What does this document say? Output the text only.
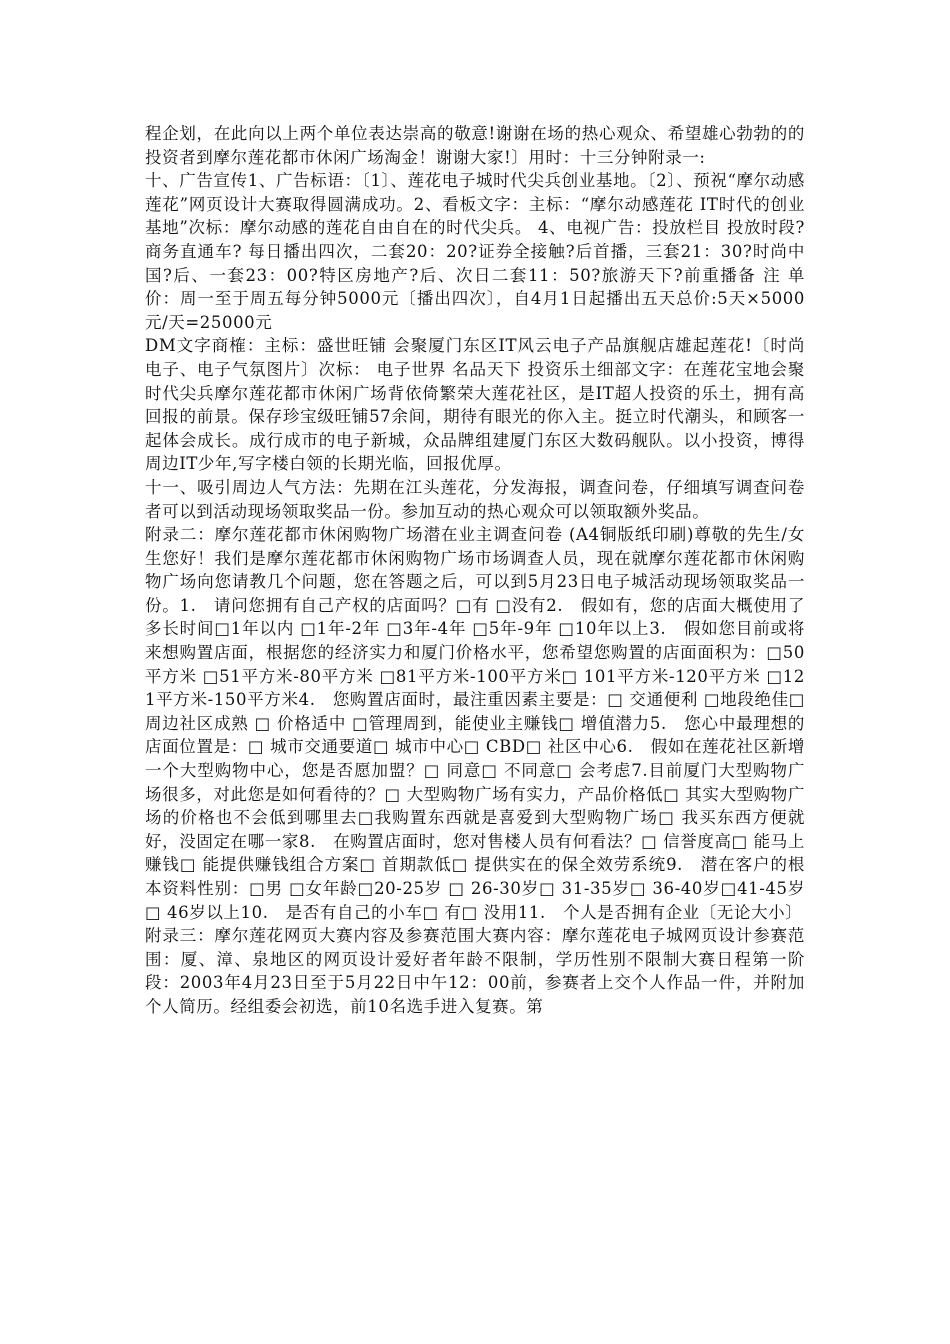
程企划，在此向以上两个单位表达崇高的敬意!谢谢在场的热心观众、希望雄心勃勃的的投资者到摩尔莲花都市休闲广场淘金！谢谢大家!〕用时：十三分钟附录一:

十、广告宣传1、广告标语：〔1〕、莲花电子城时代尖兵创业基地。〔2〕、预祝“摩尔动感莲花”网页设计大赛取得圆满成功。2、看板文字：主标：“摩尔动感莲花 IT时代的创业基地”次标：摩尔动感的莲花自由自在的时代尖兵。 4、电视广告：投放栏目 投放时段?商务直通车? 每日播出四次，二套20：20?证券全接触?后首播，三套21：30?时尚中国?后、一套23：00?特区房地产?后、次日二套11：50?旅游天下?前重播备 注 单价：周一至于周五每分钟5000元〔播出四次〕，自4月1日起播出五天总价:5天×5000元/天=25000元

DM文字商榷：主标：盛世旺铺 会聚厦门东区IT风云电子产品旗舰店雄起莲花!〔时尚电子、电子气氛图片〕次标： 电子世界 名品天下 投资乐土细部文字：在莲花宝地会聚时代尖兵摩尔莲花都市休闲广场背依倚繁荣大莲花社区，是IT超人投资的乐土，拥有高回报的前景。保存珍宝级旺铺57余间，期待有眼光的你入主。挺立时代潮头，和顾客一起体会成长。成行成市的电子新城，众品牌组建厦门东区大数码舰队。以小投资，博得周边IT少年,写字楼白领的长期光临，回报优厚。

十一、吸引周边人气方法：先期在江头莲花，分发海报，调查问卷，仔细填写调查问卷者可以到活动现场领取奖品一份。参加互动的热心观众可以领取额外奖品。

附录二：摩尔莲花都市休闲购物广场潜在业主调查问卷 (A4铜版纸印刷)尊敬的先生/女生您好！我们是摩尔莲花都市休闲购物广场市场调查人员，现在就摩尔莲花都市休闲购物广场向您请教几个问题，您在答题之后，可以到5月23日电子城活动现场领取奖品一份。1.　请问您拥有自己产权的店面吗？□有 □没有2.　假如有，您的店面大概使用了多长时间□1年以内 □1年-2年 □3年-4年 □5年-9年 □10年以上3.　假如您目前或将来想购置店面，根据您的经济实力和厦门价格水平，您希望您购置的店面面积为：□50平方米 □51平方米-80平方米 □81平方米-100平方米□ 101平方米-120平方米 □121平方米-150平方米4.　您购置店面时，最注重因素主要是：□ 交通便利 □地段绝佳□周边社区成熟 □ 价格适中 □管理周到，能使业主赚钱□ 增值潜力5.　您心中最理想的店面位置是：□ 城市交通要道□ 城市中心□ CBD□ 社区中心6.　假如在莲花社区新增一个大型购物中心，您是否愿加盟？□ 同意□ 不同意□ 会考虑7.目前厦门大型购物广场很多，对此您是如何看待的？□ 大型购物广场有实力，产品价格低□ 其实大型购物广场的价格也不会低到哪里去□我购置东西就是喜爱到大型购物广场□ 我买东西方便就好，没固定在哪一家8.　在购置店面时，您对售楼人员有何看法？□ 信誉度高□ 能马上赚钱□ 能提供赚钱组合方案□ 首期款低□ 提供实在的保全效劳系统9.　潜在客户的根本资料性别：□男 □女年龄□20-25岁 □ 26-30岁□ 31-35岁□ 36-40岁□41-45岁□ 46岁以上10.　是否有自己的小车□ 有□ 没用11.　个人是否拥有企业〔无论大小〕

附录三：摩尔莲花网页大赛内容及参赛范围大赛内容：摩尔莲花电子城网页设计参赛范围：厦、漳、泉地区的网页设计爱好者年龄不限制，学历性别不限制大赛日程第一阶段：2003年4月23日至于5月22日中午12：00前，参赛者上交个人作品一件，并附加个人简历。经组委会初选，前10名选手进入复赛。第
